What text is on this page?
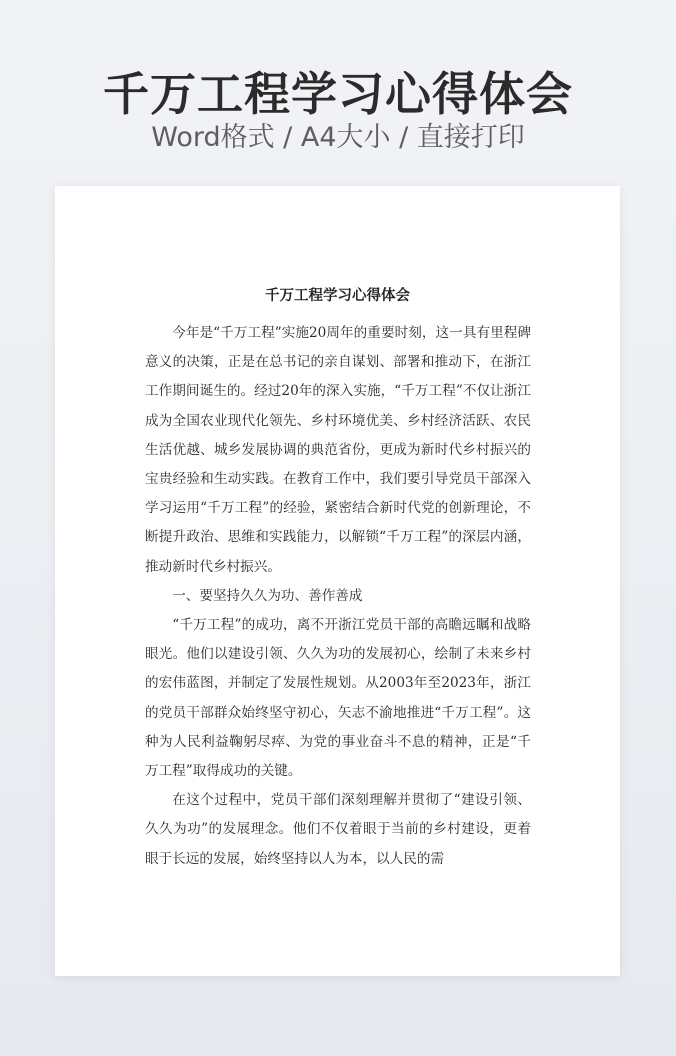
千万工程学习心得体会
Word格式 / A4大小 / 直接打印
千万工程学习心得体会

今年是“千万工程”实施20周年的重要时刻，这一具有里程碑意义的决策，正是在总书记的亲自谋划、部署和推动下，在浙江工作期间诞生的。经过20年的深入实施，“千万工程”不仅让浙江成为全国农业现代化领先、乡村环境优美、乡村经济活跃、农民生活优越、城乡发展协调的典范省份，更成为新时代乡村振兴的宝贵经验和生动实践。在教育工作中，我们要引导党员干部深入学习运用“千万工程”的经验，紧密结合新时代党的创新理论，不断提升政治、思维和实践能力，以解锁“千万工程”的深层内涵，推动新时代乡村振兴。

一、要坚持久久为功、善作善成

“千万工程”的成功，离不开浙江党员干部的高瞻远瞩和战略眼光。他们以建设引领、久久为功的发展初心，绘制了未来乡村的宏伟蓝图，并制定了发展性规划。从2003年至2023年，浙江的党员干部群众始终坚守初心，矢志不渝地推进“千万工程”。这种为人民利益鞠躬尽瘁、为党的事业奋斗不息的精神，正是“千万工程”取得成功的关键。

在这个过程中，党员干部们深刻理解并贯彻了“建设引领、久久为功”的发展理念。他们不仅着眼于当前的乡村建设，更着眼于长远的发展，始终坚持以人为本，以人民的需
